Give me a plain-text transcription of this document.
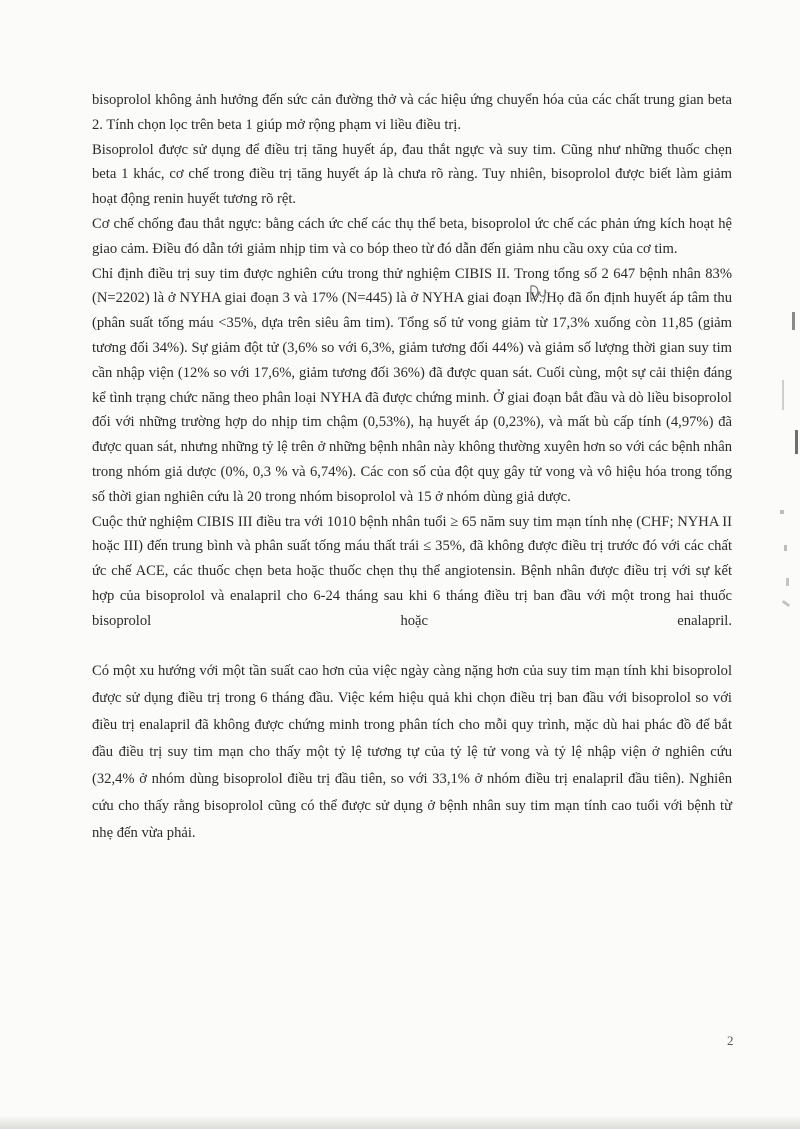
bisoprolol không ảnh hưởng đến sức cản đường thở và các hiệu ứng chuyển hóa của các chất trung gian beta 2. Tính chọn lọc trên beta 1 giúp mở rộng phạm vi liều điều trị.

Bisoprolol được sử dụng để điều trị tăng huyết áp, đau thắt ngực và suy tim. Cũng như những thuốc chẹn beta 1 khác, cơ chế trong điều trị tăng huyết áp là chưa rõ ràng. Tuy nhiên, bisoprolol được biết làm giảm hoạt động renin huyết tương rõ rệt.

Cơ chế chống đau thắt ngực: bằng cách ức chế các thụ thể beta, bisoprolol ức chế các phản ứng kích hoạt hệ giao cảm. Điều đó dẫn tới giảm nhịp tim và co bóp theo từ đó dẫn đến giảm nhu cầu oxy của cơ tim.

Chỉ định điều trị suy tim được nghiên cứu trong thử nghiệm CIBIS II. Trong tổng số 2 647 bệnh nhân 83% (N=2202) là ở NYHA giai đoạn 3 và 17% (N=445) là ở NYHA giai đoạn IV. Họ đã ổn định huyết áp tâm thu (phân suất tống máu <35%, dựa trên siêu âm tim). Tổng số tử vong giảm từ 17,3% xuống còn 11,85 (giảm tương đối 34%). Sự giảm đột tử (3,6% so với 6,3%, giảm tương đối 44%) và giảm số lượng thời gian suy tim cần nhập viện (12% so với 17,6%, giảm tương đối 36%) đã được quan sát. Cuối cùng, một sự cải thiện đáng kể tình trạng chức năng theo phân loại NYHA đã được chứng minh. Ở giai đoạn bắt đầu và dò liều bisoprolol đối với những trường hợp do nhịp tim chậm (0,53%), hạ huyết áp (0,23%), và mất bù cấp tính (4,97%) đã được quan sát, nhưng những tỷ lệ trên ở những bệnh nhân này không thường xuyên hơn so với các bệnh nhân trong nhóm giả dược (0%, 0,3 % và 6,74%). Các con số của đột quỵ gây tử vong và vô hiệu hóa trong tổng số thời gian nghiên cứu là 20 trong nhóm bisoprolol và 15 ở nhóm dùng giả dược.

Cuộc thử nghiệm CIBIS III điều tra với 1010 bệnh nhân tuổi ≥ 65 năm suy tim mạn tính nhẹ (CHF; NYHA II hoặc III) đến trung bình và phân suất tống máu thất trái ≤ 35%, đã không được điều trị trước đó với các chất ức chế ACE, các thuốc chẹn beta hoặc thuốc chẹn thụ thể angiotensin. Bệnh nhân được điều trị với sự kết hợp của bisoprolol và enalapril cho 6-24 tháng sau khi 6 tháng điều trị ban đầu với một trong hai thuốc bisoprolol hoặc enalapril.

Có một xu hướng với một tần suất cao hơn của việc ngày càng nặng hơn của suy tim mạn tính khi bisoprolol được sử dụng điều trị trong 6 tháng đầu. Việc kém hiệu quả khi chọn điều trị ban đầu với bisoprolol so với điều trị enalapril đã không được chứng minh trong phân tích cho mỗi quy trình, mặc dù hai phác đồ để bắt đầu điều trị suy tim mạn cho thấy một tỷ lệ tương tự của tỷ lệ tử vong và tỷ lệ nhập viện ở nghiên cứu (32,4% ở nhóm dùng bisoprolol điều trị đầu tiên, so với 33,1% ở nhóm điều trị enalapril đầu tiên). Nghiên cứu cho thấy rằng bisoprolol cũng có thể được sử dụng ở bệnh nhân suy tim mạn tính cao tuổi với bệnh từ nhẹ đến vừa phải.

2
